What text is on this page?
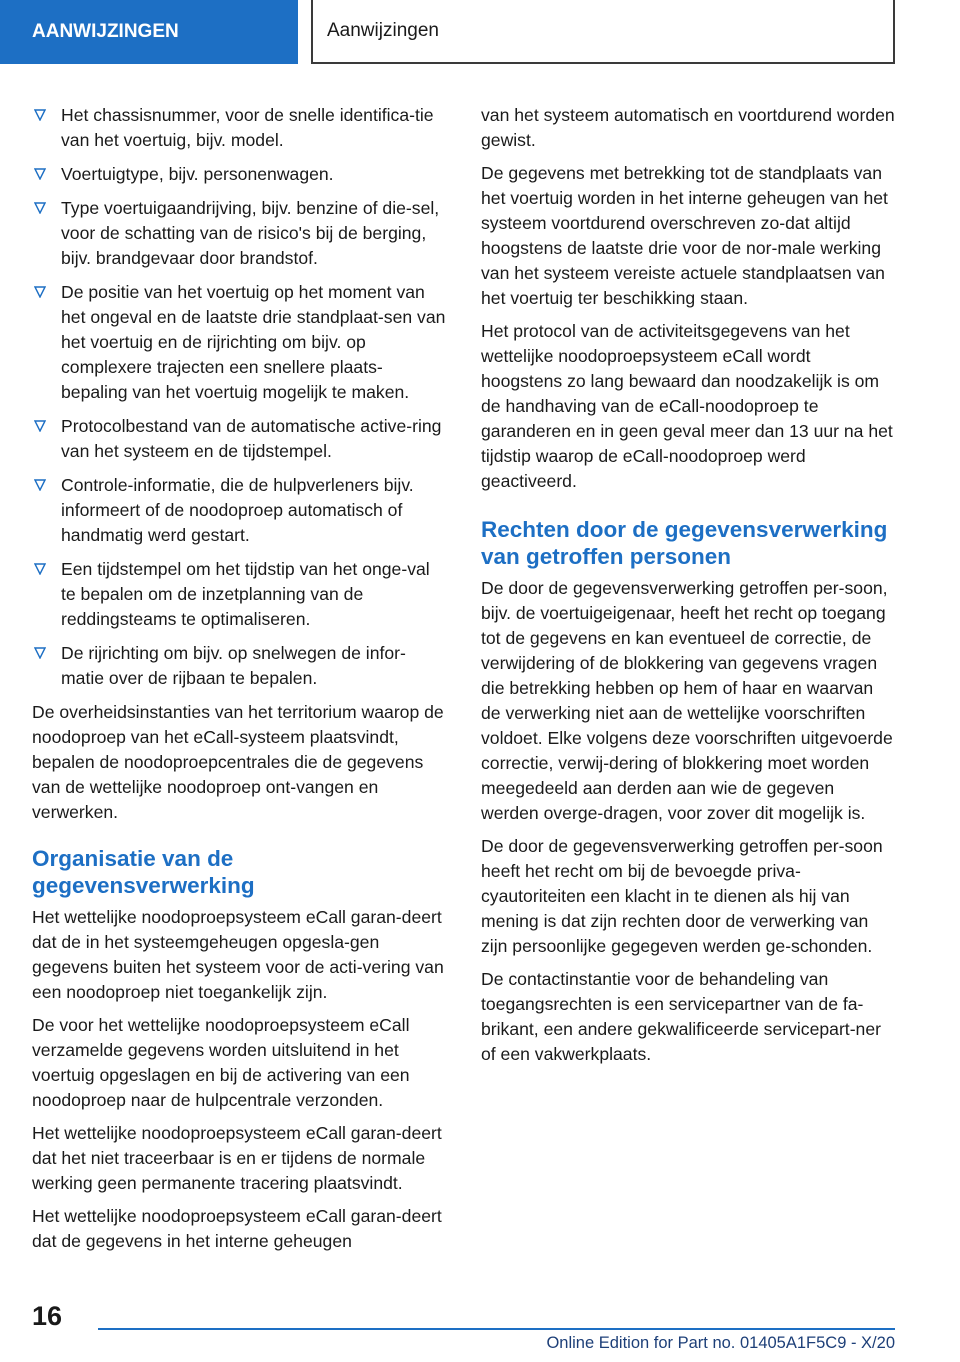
AANWIJZINGEN	Aanwijzingen
Het chassisnummer, voor de snelle identifica-tie van het voertuig, bijv. model.
Voertuigtype, bijv. personenwagen.
Type voertuigaandrijving, bijv. benzine of die-sel, voor de schatting van de risico's bij de berging, bijv. brandgevaar door brandstof.
De positie van het voertuig op het moment van het ongeval en de laatste drie standplaat-sen van het voertuig en de rijrichting om bijv. op complexere trajecten een snellere plaats-bepaling van het voertuig mogelijk te maken.
Protocolbestand van de automatische active-ring van het systeem en de tijdstempel.
Controle-informatie, die de hulpverleners bijv. informeert of de noodoproep automatisch of handmatig werd gestart.
Een tijdstempel om het tijdstip van het onge-val te bepalen om de inzetplanning van de reddingsteams te optimaliseren.
De rijrichting om bijv. op snelwegen de infor-matie over de rijbaan te bepalen.

De overheidsinstanties van het territorium waarop de noodoproep van het eCall-systeem plaatsvindt, bepalen de noodoproepcentrales die de gegevens van de wettelijke noodoproep ont-vangen en verwerken.

Organisatie van de gegevensverwerking

Het wettelijke noodoproepsysteem eCall garan-deert dat de in het systeemgeheugen opgesla-gen gegevens buiten het systeem voor de acti-vering van een noodoproep niet toegankelijk zijn.

De voor het wettelijke noodoproepsysteem eCall verzamelde gegevens worden uitsluitend in het voertuig opgeslagen en bij de activering van een noodoproep naar de hulpcentrale verzonden.

Het wettelijke noodoproepsysteem eCall garan-deert dat het niet traceerbaar is en er tijdens de normale werking geen permanente tracering plaatsvindt.

Het wettelijke noodoproepsysteem eCall garan-deert dat de gegevens in het interne geheugen

van het systeem automatisch en voortdurend worden gewist.

De gegevens met betrekking tot de standplaats van het voertuig worden in het interne geheugen van het systeem voortdurend overschreven zo-dat altijd hoogstens de laatste drie voor de nor-male werking van het systeem vereiste actuele standplaatsen van het voertuig ter beschikking staan.

Het protocol van de activiteitsgegevens van het wettelijke noodoproepsysteem eCall wordt hoogstens zo lang bewaard dan noodzakelijk is om de handhaving van de eCall-noodoproep te garanderen en in geen geval meer dan 13 uur na het tijdstip waarop de eCall-noodoproep werd geactiveerd.

Rechten door de gegevensverwerking van getroffen personen

De door de gegevensverwerking getroffen per-soon, bijv. de voertuigeigenaar, heeft het recht op toegang tot de gegevens en kan eventueel de correctie, de verwijdering of de blokkering van gegevens vragen die betrekking hebben op hem of haar en waarvan de verwerking niet aan de wettelijke voorschriften voldoet. Elke volgens deze voorschriften uitgevoerde correctie, verwij-dering of blokkering moet worden meegedeeld aan derden aan wie de gegeven werden overge-dragen, voor zover dit mogelijk is.

De door de gegevensverwerking getroffen per-soon heeft het recht om bij de bevoegde priva-cyautoriteiten een klacht in te dienen als hij van mening is dat zijn rechten door de verwerking van zijn persoonlijke gegegeven werden ge-schonden.

De contactinstantie voor de behandeling van toegangsrechten is een servicepartner van de fa-brikant, een andere gekwalificeerde servicepart-ner of een vakwerkplaats.

16
Online Edition for Part no. 01405A1F5C9 - X/20
